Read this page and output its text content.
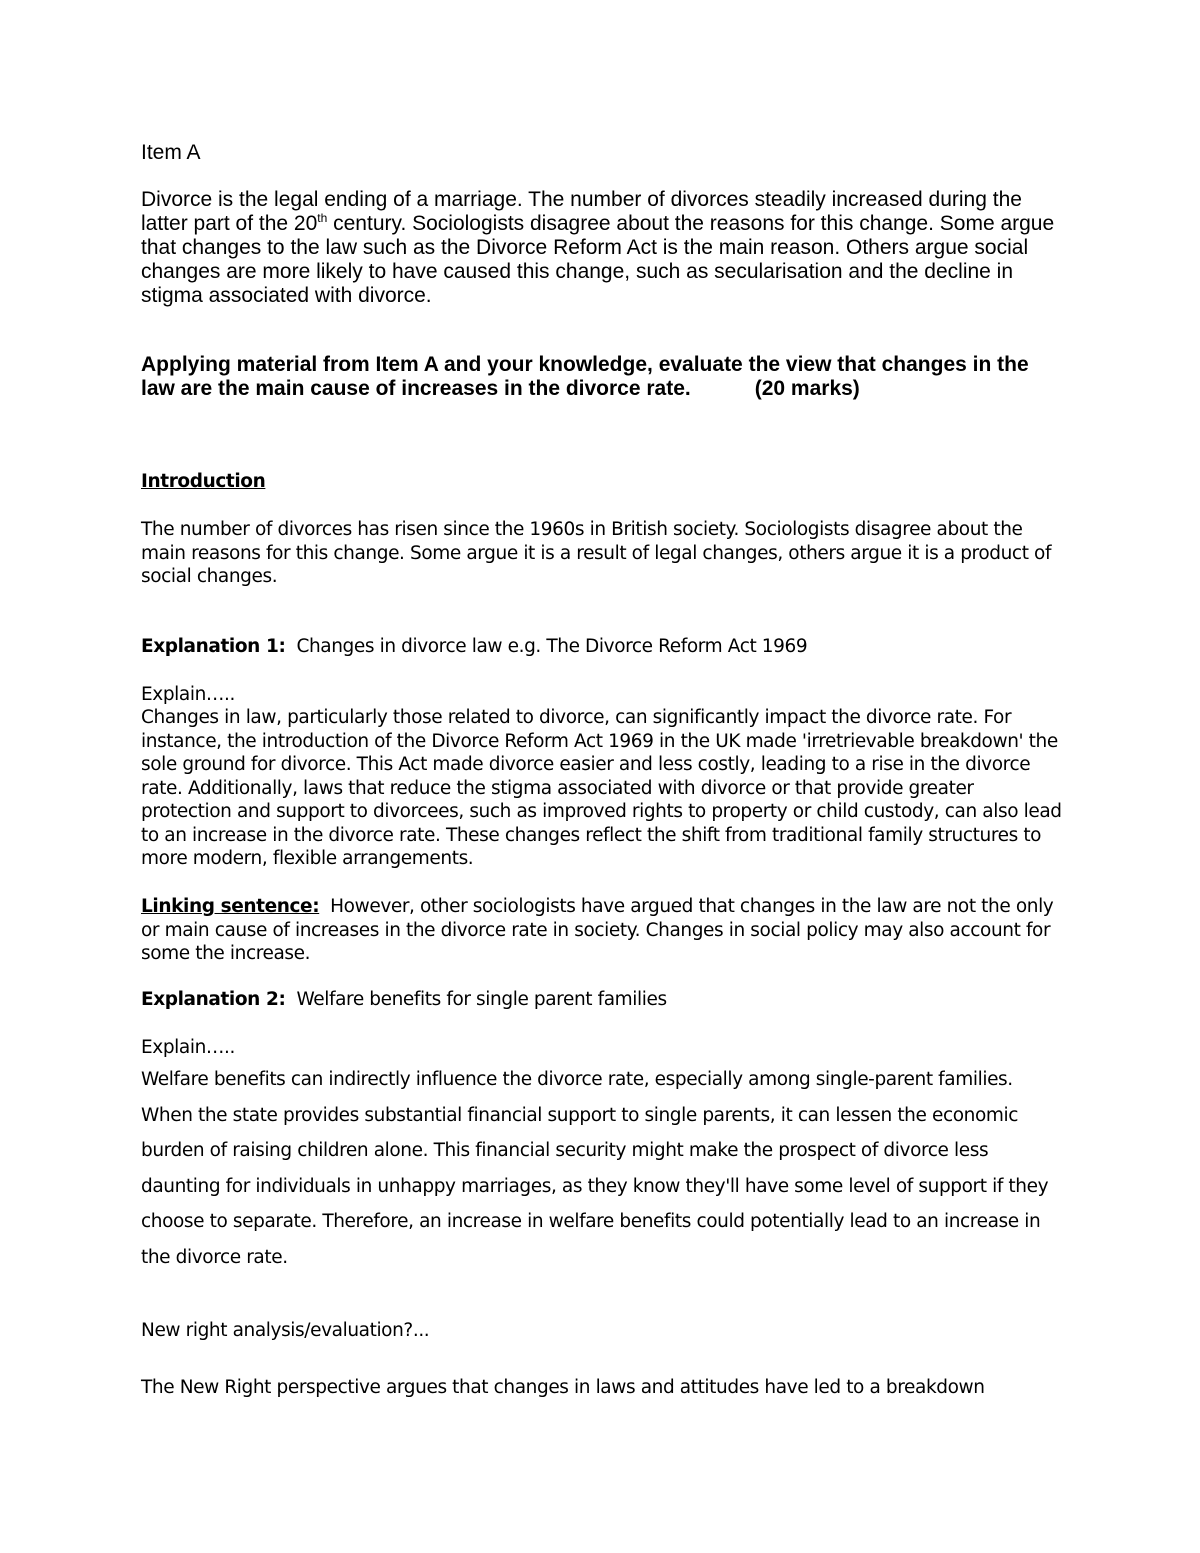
Item A

Divorce is the legal ending of a marriage. The number of divorces steadily increased during the latter part of the 20th century. Sociologists disagree about the reasons for this change. Some argue that changes to the law such as the Divorce Reform Act is the main reason. Others argue social changes are more likely to have caused this change, such as secularisation and the decline in stigma associated with divorce.

Applying material from Item A and your knowledge, evaluate the view that changes in the law are the main cause of increases in the divorce rate.	(20 marks)

Introduction

The number of divorces has risen since the 1960s in British society. Sociologists disagree about the main reasons for this change. Some argue it is a result of legal changes, others argue it is a product of social changes.

Explanation 1: Changes in divorce law e.g. The Divorce Reform Act 1969

Explain…..

Changes in law, particularly those related to divorce, can significantly impact the divorce rate. For instance, the introduction of the Divorce Reform Act 1969 in the UK made 'irretrievable breakdown' the sole ground for divorce. This Act made divorce easier and less costly, leading to a rise in the divorce rate. Additionally, laws that reduce the stigma associated with divorce or that provide greater protection and support to divorcees, such as improved rights to property or child custody, can also lead to an increase in the divorce rate. These changes reflect the shift from traditional family structures to more modern, flexible arrangements.

Linking sentence: However, other sociologists have argued that changes in the law are not the only or main cause of increases in the divorce rate in society. Changes in social policy may also account for some the increase.

Explanation 2: Welfare benefits for single parent families

Explain…..

Welfare benefits can indirectly influence the divorce rate, especially among single-parent families. When the state provides substantial financial support to single parents, it can lessen the economic burden of raising children alone. This financial security might make the prospect of divorce less daunting for individuals in unhappy marriages, as they know they'll have some level of support if they choose to separate. Therefore, an increase in welfare benefits could potentially lead to an increase in the divorce rate.

New right analysis/evaluation?...

The New Right perspective argues that changes in laws and attitudes have led to a breakdown
